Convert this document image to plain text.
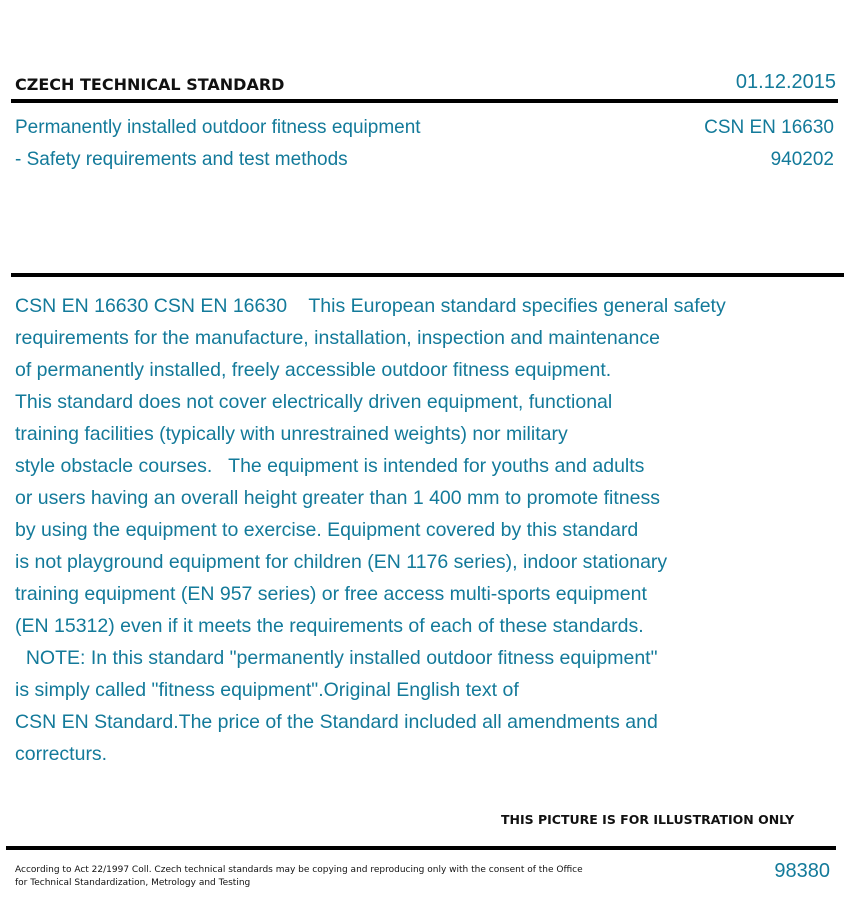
CZECH TECHNICAL STANDARD	01.12.2015
Permanently installed outdoor fitness equipment
- Safety requirements and test methods
CSN EN 16630
940202
CSN EN 16630 CSN EN 16630    This European standard specifies general safety
requirements for the manufacture, installation, inspection and maintenance
of permanently installed, freely accessible outdoor fitness equipment.
This standard does not cover electrically driven equipment, functional
training facilities (typically with unrestrained weights) nor military
style obstacle courses.   The equipment is intended for youths and adults
or users having an overall height greater than 1 400 mm to promote fitness
by using the equipment to exercise. Equipment covered by this standard
is not playground equipment for children (EN 1176 series), indoor stationary
training equipment (EN 957 series) or free access multi-sports equipment
(EN 15312) even if it meets the requirements of each of these standards.
NOTE: In this standard "permanently installed outdoor fitness equipment"
is simply called "fitness equipment".Original English text of
CSN EN Standard.The price of the Standard included all amendments and
correcturs.
THIS PICTURE IS FOR ILLUSTRATION ONLY
According to Act 22/1997 Coll. Czech technical standards may be copying and reproducing only with the consent of the Office
for Technical Standardization, Metrology and Testing
98380
